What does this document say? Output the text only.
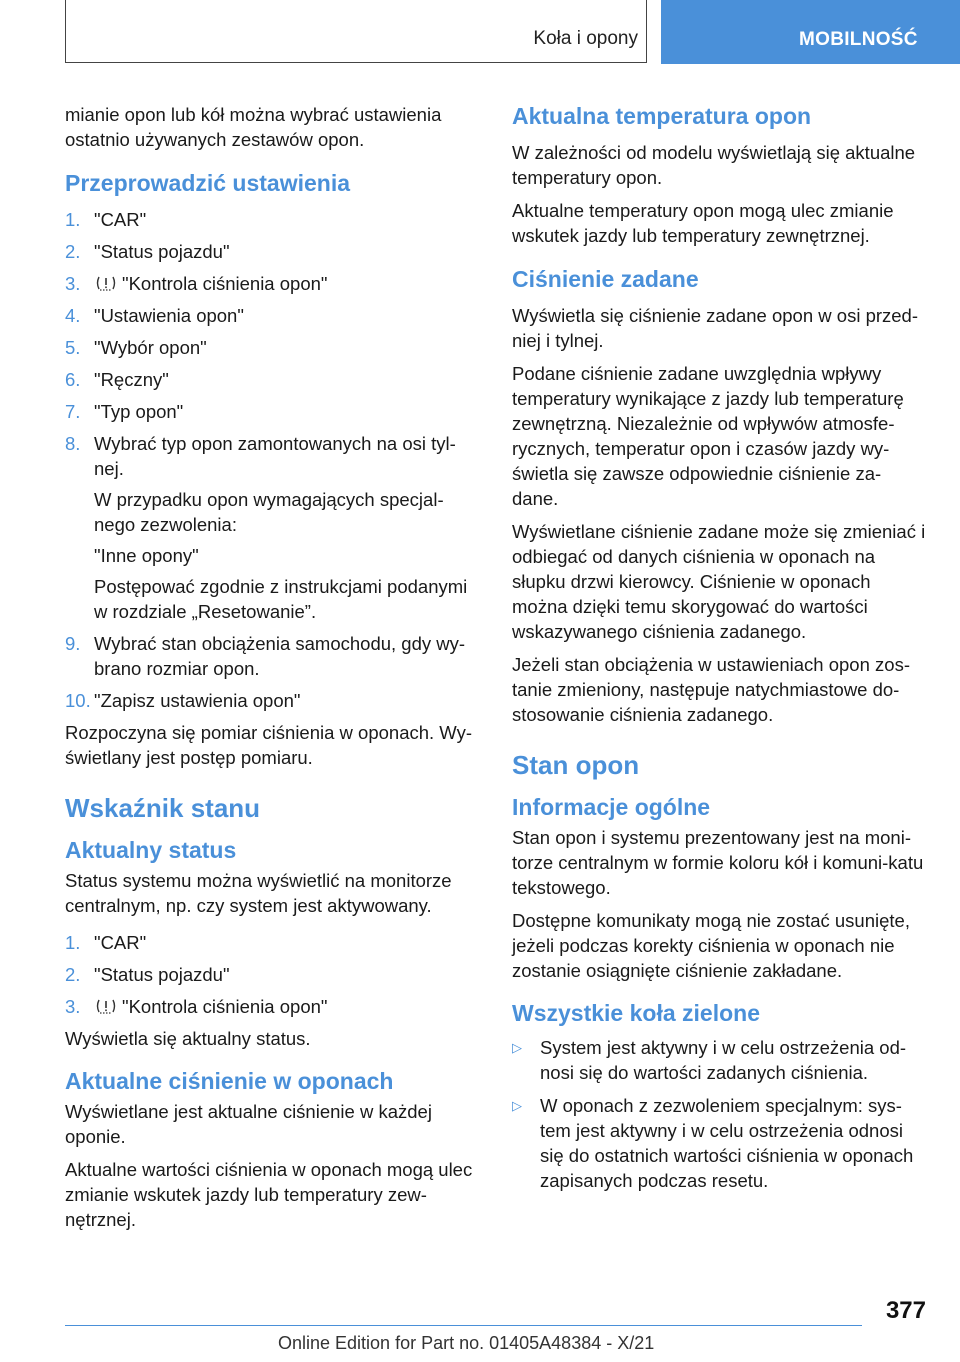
Koła i opony	MOBILNOŚĆ

mianie opon lub kół można wybrać ustawienia ostatnio używanych zestawów opon.

Przeprowadzić ustawienia
1. "CAR"
2. "Status pojazdu"
3.	"Kontrola ciśnienia opon"
4. "Ustawienia opon"
5. "Wybór opon"
6. "Ręczny"
7. "Typ opon"
8. Wybrać typ opon zamontowanych na osi tyl-nej.
W przypadku opon wymagających specjal-nego zezwolenia:
"Inne opony"
Postępować zgodnie z instrukcjami podanymi w rozdziale „Resetowanie”.
9. Wybrać stan obciążenia samochodu, gdy wy-brano rozmiar opon.
10. "Zapisz ustawienia opon"

Rozpoczyna się pomiar ciśnienia w oponach. Wy-świetlany jest postęp pomiaru.

Wskaźnik stanu
Aktualny status

Status systemu można wyświetlić na monitorze centralnym, np. czy system jest aktywowany.

1. "CAR"
2. "Status pojazdu"
3.	"Kontrola ciśnienia opon"

Wyświetla się aktualny status.

Aktualne ciśnienie w oponach

Wyświetlane jest aktualne ciśnienie w każdej oponie.

Aktualne wartości ciśnienia w oponach mogą ulec zmianie wskutek jazdy lub temperatury zew-nętrznej.

Aktualna temperatura opon

W zależności od modelu wyświetlają się aktualne temperatury opon.

Aktualne temperatury opon mogą ulec zmianie wskutek jazdy lub temperatury zewnętrznej.

Ciśnienie zadane

Wyświetla się ciśnienie zadane opon w osi przed-niej i tylnej.

Podane ciśnienie zadane uwzględnia wpływy temperatury wynikające z jazdy lub temperaturę zewnętrzną. Niezależnie od wpływów atmosfe-rycznych, temperatur opon i czasów jazdy wy-świetla się zawsze odpowiednie ciśnienie za-dane.

Wyświetlane ciśnienie zadane może się zmieniać i odbiegać od danych ciśnienia w oponach na słupku drzwi kierowcy. Ciśnienie w oponach można dzięki temu skorygować do wartości wskazywanego ciśnienia zadanego.

Jeżeli stan obciążenia w ustawieniach opon zos-tanie zmieniony, następuje natychmiastowe do-stosowanie ciśnienia zadanego.

Stan opon
Informacje ogólne

Stan opon i systemu prezentowany jest na moni-torze centralnym w formie koloru kół i komuni-katu tekstowego.

Dostępne komunikaty mogą nie zostać usunięte, jeżeli podczas korekty ciśnienia w oponach nie zostanie osiągnięte ciśnienie zakładane.

Wszystkie koła zielone
▷ System jest aktywny i w celu ostrzeżenia od-nosi się do wartości zadanych ciśnienia.
▷ W oponach z zezwoleniem specjalnym: sys-tem jest aktywny i w celu ostrzeżenia odnosi się do ostatnich wartości ciśnienia w oponach zapisanych podczas resetu.
377
Online Edition for Part no. 01405A48384 - X/21
